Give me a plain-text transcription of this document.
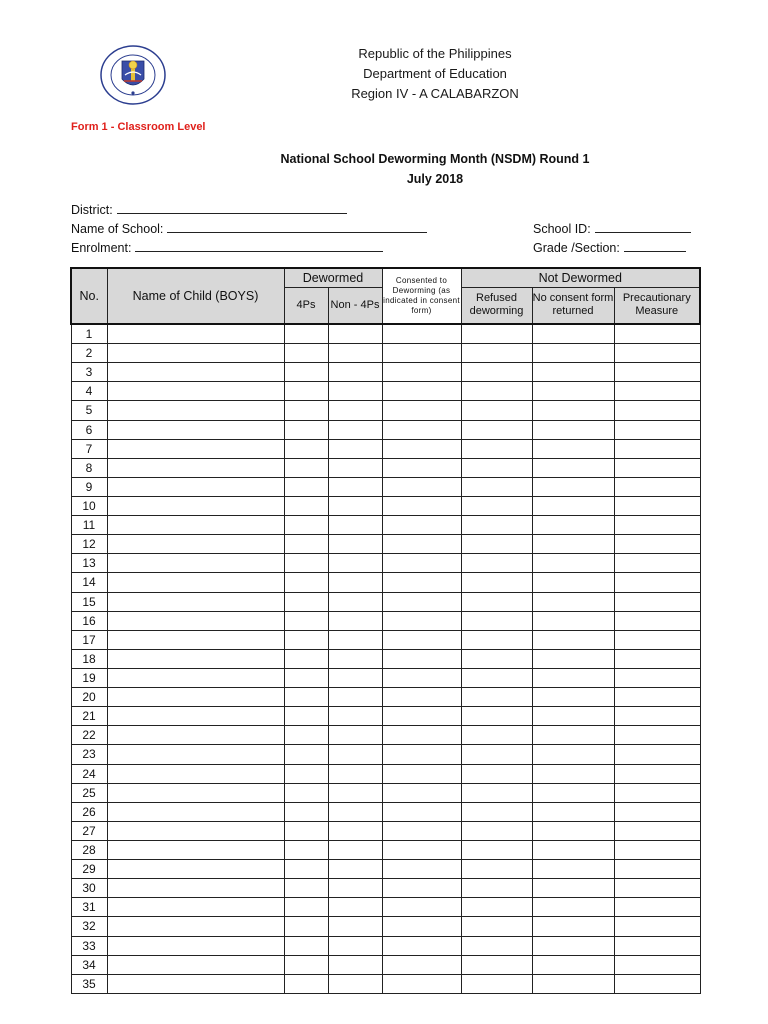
Republic of the Philippines
Department of Education
Region IV - A CALABARZON
Form 1 - Classroom Level
National School Deworming Month (NSDM) Round 1
July 2018
District:
Name of School:
Enrolment:
School ID:
Grade /Section:
No.	Name of Child (BOYS)	Dewormed		Consented to Deworming (as indicated in consent form)	Not Dewormed		
		4Ps	Non - 4Ps		Refused deworming	No consent form returned	Precautionary Measure
1							
2							
3							
4							
5							
6							
7							
8							
9							
10							
11							
12							
13							
14							
15							
16							
17							
18							
19							
20							
21							
22							
23							
24							
25							
26							
27							
28							
29							
30							
31							
32							
33							
34							
35							
